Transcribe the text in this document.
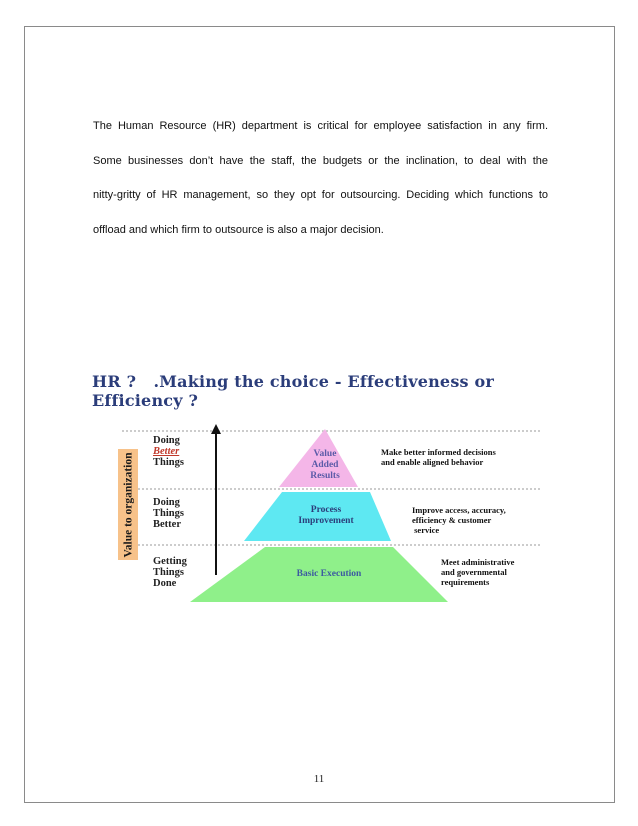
The Human Resource (HR) department is critical for employee satisfaction in any firm.
Some businesses don’t have the staff, the budgets or the inclination, to deal with the
nitty-gritty of HR management, so they opt for outsourcing. Deciding which functions to
offload and which firm to outsource is also a major decision.
HR ?   .Making the choice - Effectiveness or
Efficiency ?
Value to organization
Doing
Better
Things
Doing
Things
Better
Getting
Things
Done
Value
Added
Results
Process
Improvement
Basic Execution
Make better informed decisions
and enable aligned behavior
Improve access, accuracy,
efficiency & customer
service
Meet administrative
and governmental
requirements
11
